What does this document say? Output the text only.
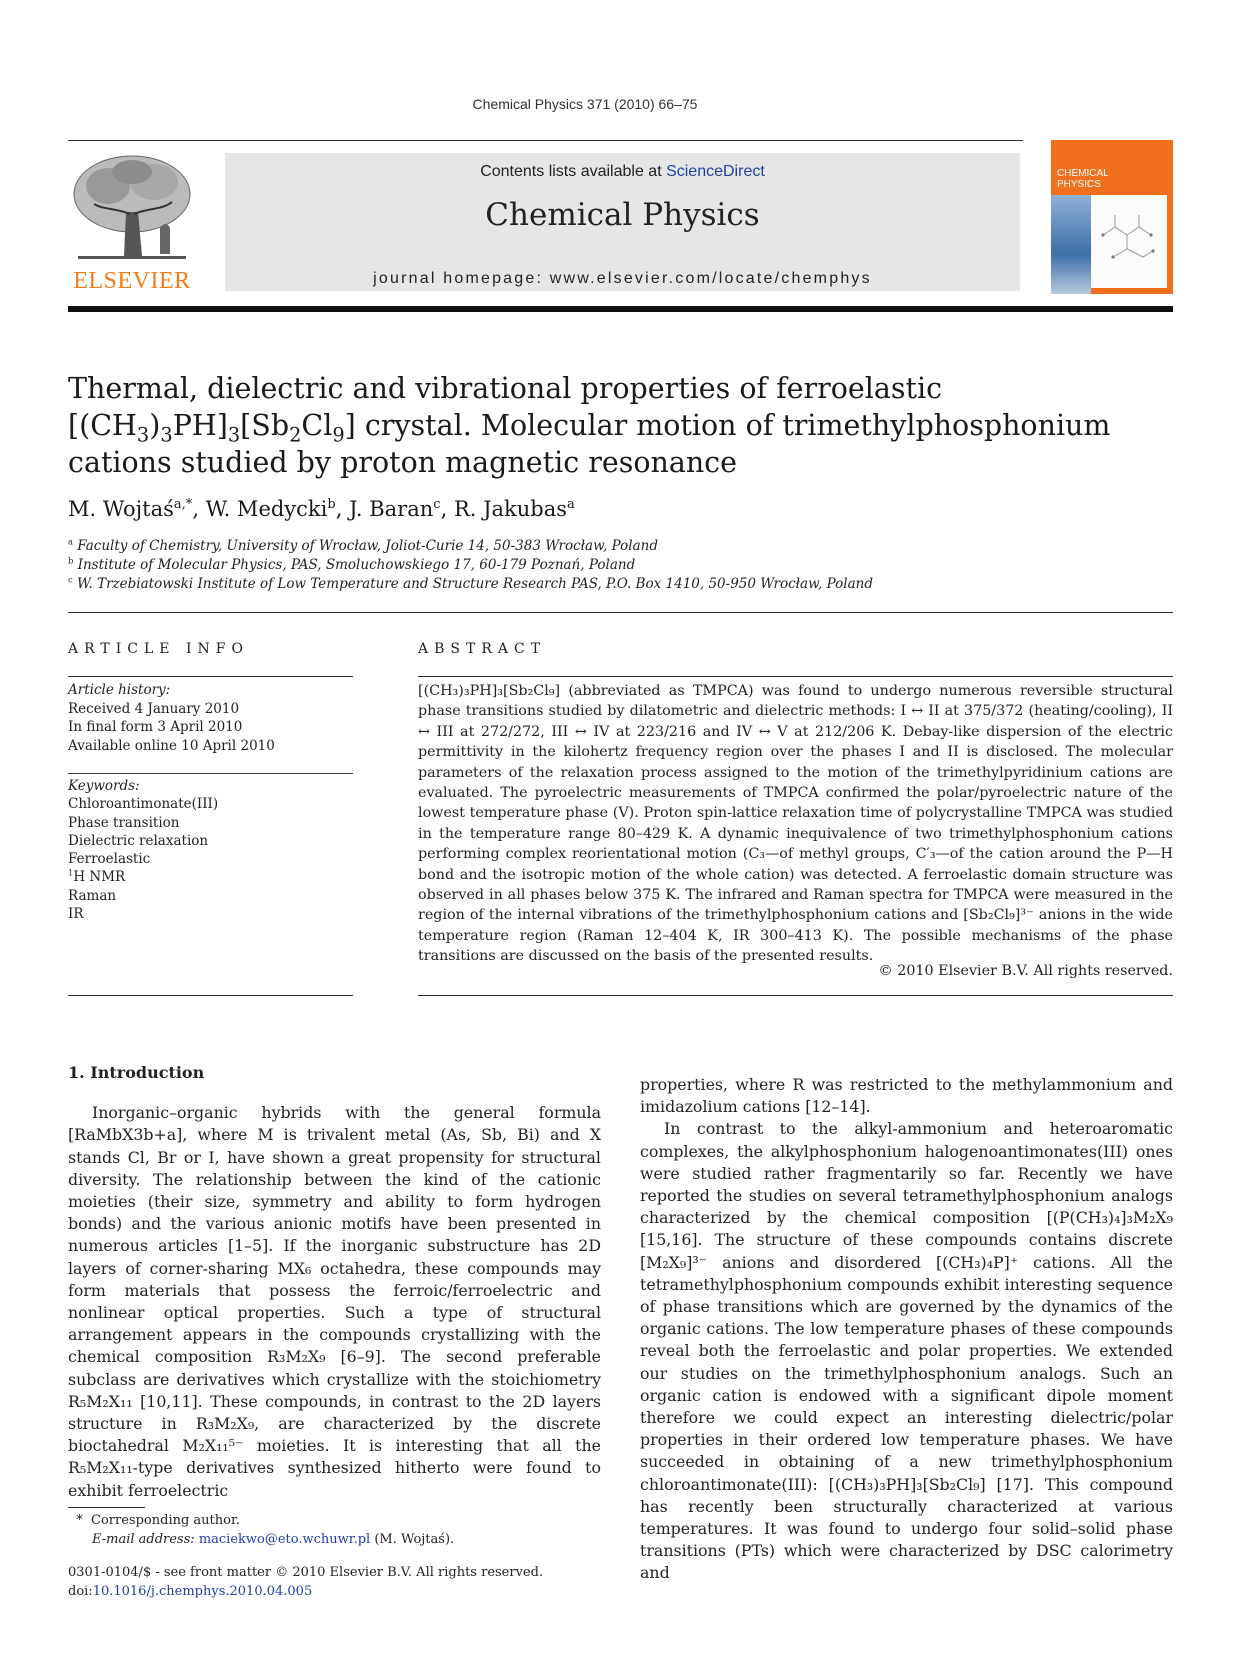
Chemical Physics 371 (2010) 66–75
ELSEVIER
Contents lists available at ScienceDirect
Chemical Physics
journal homepage: www.elsevier.com/locate/chemphys
CHEMICAL
PHYSICS
Thermal, dielectric and vibrational properties of ferroelastic $[(CH_3)_3PH]_3[Sb_2Cl_9]$ crystal. Molecular motion of trimethylphosphonium cations studied by proton magnetic resonance
M. Wojtaś$^{a,*}$, W. Medycki$^b$, J. Baran$^c$, R. Jakubas$^a$
$^a$ Faculty of Chemistry, University of Wrocław, Joliot-Curie 14, 50-383 Wrocław, Poland
$^b$ Institute of Molecular Physics, PAS, Smoluchowskiego 17, 60-179 Poznań, Poland
$^c$ W. Trzebiatowski Institute of Low Temperature and Structure Research PAS, P.O. Box 1410, 50-950 Wrocław, Poland
ARTICLE INFO	ABSTRACT
Article history:
Received 4 January 2010
In final form 3 April 2010
Available online 10 April 2010
Keywords:
Chloroantimonate(III)
Phase transition
Dielectric relaxation
Ferroelastic
$^1$H NMR
Raman
IR
[(CH₃)₃PH]₃[Sb₂Cl₉] (abbreviated as TMPCA) was found to undergo numerous reversible structural phase transitions studied by dilatometric and dielectric methods: I ↔ II at 375/372 (heating/cooling), II ↔ III at 272/272, III ↔ IV at 223/216 and IV ↔ V at 212/206 K. Debay-like dispersion of the electric permittivity in the kilohertz frequency region over the phases I and II is disclosed. The molecular parameters of the relaxation process assigned to the motion of the trimethylpyridinium cations are evaluated. The pyroelectric measurements of TMPCA confirmed the polar/pyroelectric nature of the lowest temperature phase (V). Proton spin-lattice relaxation time of polycrystalline TMPCA was studied in the temperature range 80–429 K. A dynamic inequivalence of two trimethylphosphonium cations performing complex reorientational motion (C₃—of methyl groups, C′₃—of the cation around the P—H bond and the isotropic motion of the whole cation) was detected. A ferroelastic domain structure was observed in all phases below 375 K. The infrared and Raman spectra for TMPCA were measured in the region of the internal vibrations of the trimethylphosphonium cations and [Sb₂Cl₉]³⁻ anions in the wide temperature region (Raman 12–404 K, IR 300–413 K). The possible mechanisms of the phase transitions are discussed on the basis of the presented results.
© 2010 Elsevier B.V. All rights reserved.
1. Introduction

Inorganic–organic hybrids with the general formula [RaMbX3b+a], where M is trivalent metal (As, Sb, Bi) and X stands Cl, Br or I, have shown a great propensity for structural diversity. The relationship between the kind of the cationic moieties (their size, symmetry and ability to form hydrogen bonds) and the various anionic motifs have been presented in numerous articles [1–5]. If the inorganic substructure has 2D layers of corner-sharing MX₆ octahedra, these compounds may form materials that possess the ferroic/ferroelectric and nonlinear optical properties. Such a type of structural arrangement appears in the compounds crystallizing with the chemical composition R₃M₂X₉ [6–9]. The second preferable subclass are derivatives which crystallize with the stoichiometry R₅M₂X₁₁ [10,11]. These compounds, in contrast to the 2D layers structure in R₃M₂X₉, are characterized by the discrete bioctahedral M₂X₁₁⁵⁻ moieties. It is interesting that all the R₅M₂X₁₁-type derivatives synthesized hitherto were found to exhibit ferroelectric

properties, where R was restricted to the methylammonium and imidazolium cations [12–14].

In contrast to the alkyl-ammonium and heteroaromatic complexes, the alkylphosphonium halogenoantimonates(III) ones were studied rather fragmentarily so far. Recently we have reported the studies on several tetramethylphosphonium analogs characterized by the chemical composition [(P(CH₃)₄]₃M₂X₉ [15,16]. The structure of these compounds contains discrete [M₂X₉]³⁻ anions and disordered [(CH₃)₄P]⁺ cations. All the tetramethylphosphonium compounds exhibit interesting sequence of phase transitions which are governed by the dynamics of the organic cations. The low temperature phases of these compounds reveal both the ferroelastic and polar properties. We extended our studies on the trimethylphosphonium analogs. Such an organic cation is endowed with a significant dipole moment therefore we could expect an interesting dielectric/polar properties in their ordered low temperature phases. We have succeeded in obtaining of a new trimethylphosphonium chloroantimonate(III): [(CH₃)₃PH]₃[Sb₂Cl₉] [17]. This compound has recently been structurally characterized at various temperatures. It was found to undergo four solid–solid phase transitions (PTs) which were characterized by DSC calorimetry and

* Corresponding author.
E-mail address: maciekwo@eto.wchuwr.pl (M. Wojtaś).
0301-0104/$ - see front matter © 2010 Elsevier B.V. All rights reserved.
doi:10.1016/j.chemphys.2010.04.005
